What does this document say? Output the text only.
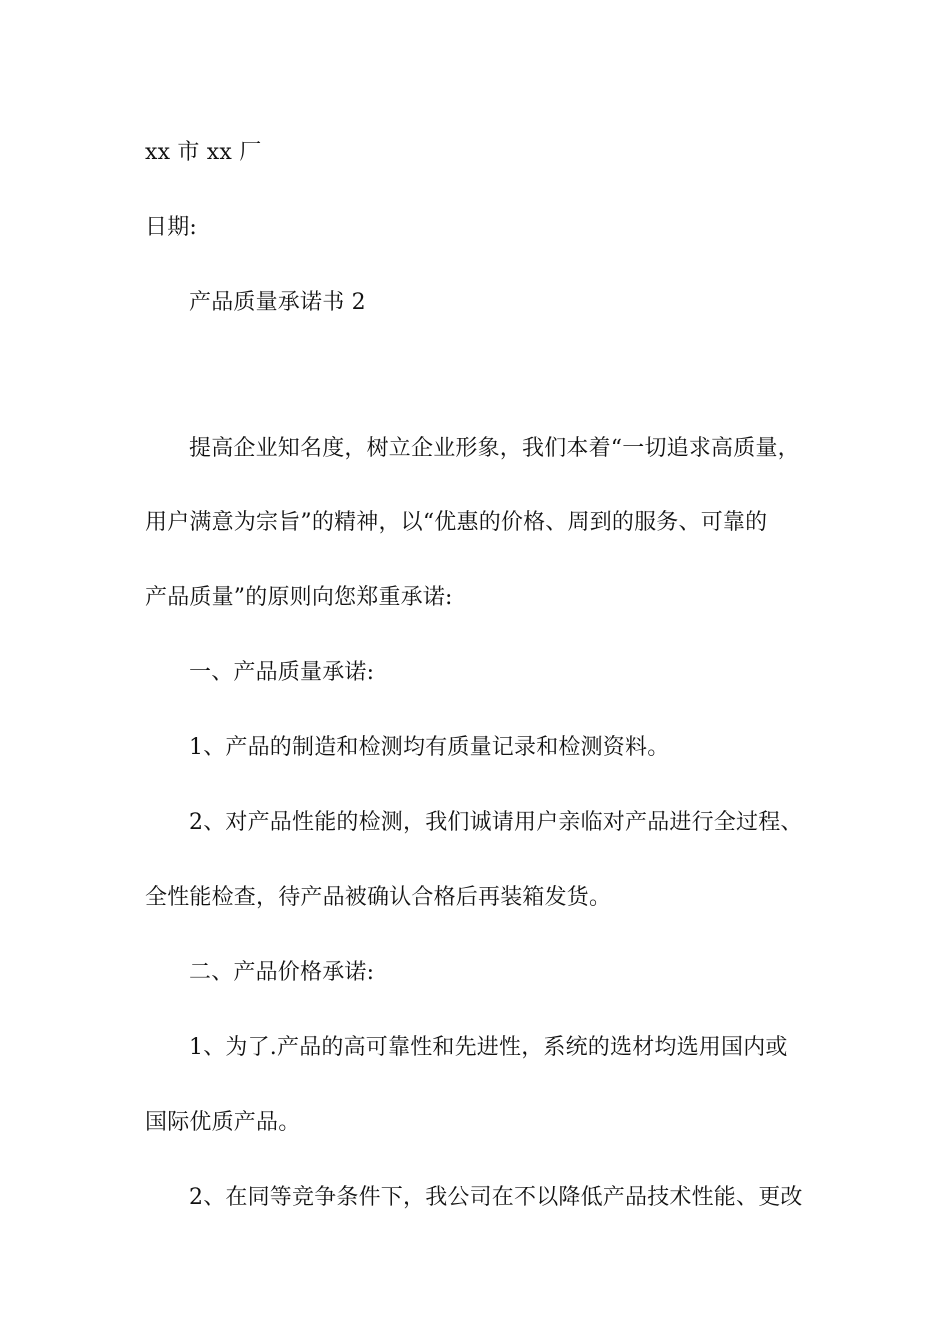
xx 市 xx 厂
日期:
产品质量承诺书 2
提高企业知名度，树立企业形象，我们本着“一切追求高质量，
用户满意为宗旨”的精神，以“优惠的价格、周到的服务、可靠的
产品质量”的原则向您郑重承诺:
一、产品质量承诺:
1、产品的制造和检测均有质量记录和检测资料。
2、对产品性能的检测，我们诚请用户亲临对产品进行全过程、
全性能检查，待产品被确认合格后再装箱发货。
二、产品价格承诺:
1、为了.产品的高可靠性和先进性，系统的选材均选用国内或
国际优质产品。
2、在同等竞争条件下，我公司在不以降低产品技术性能、更改
